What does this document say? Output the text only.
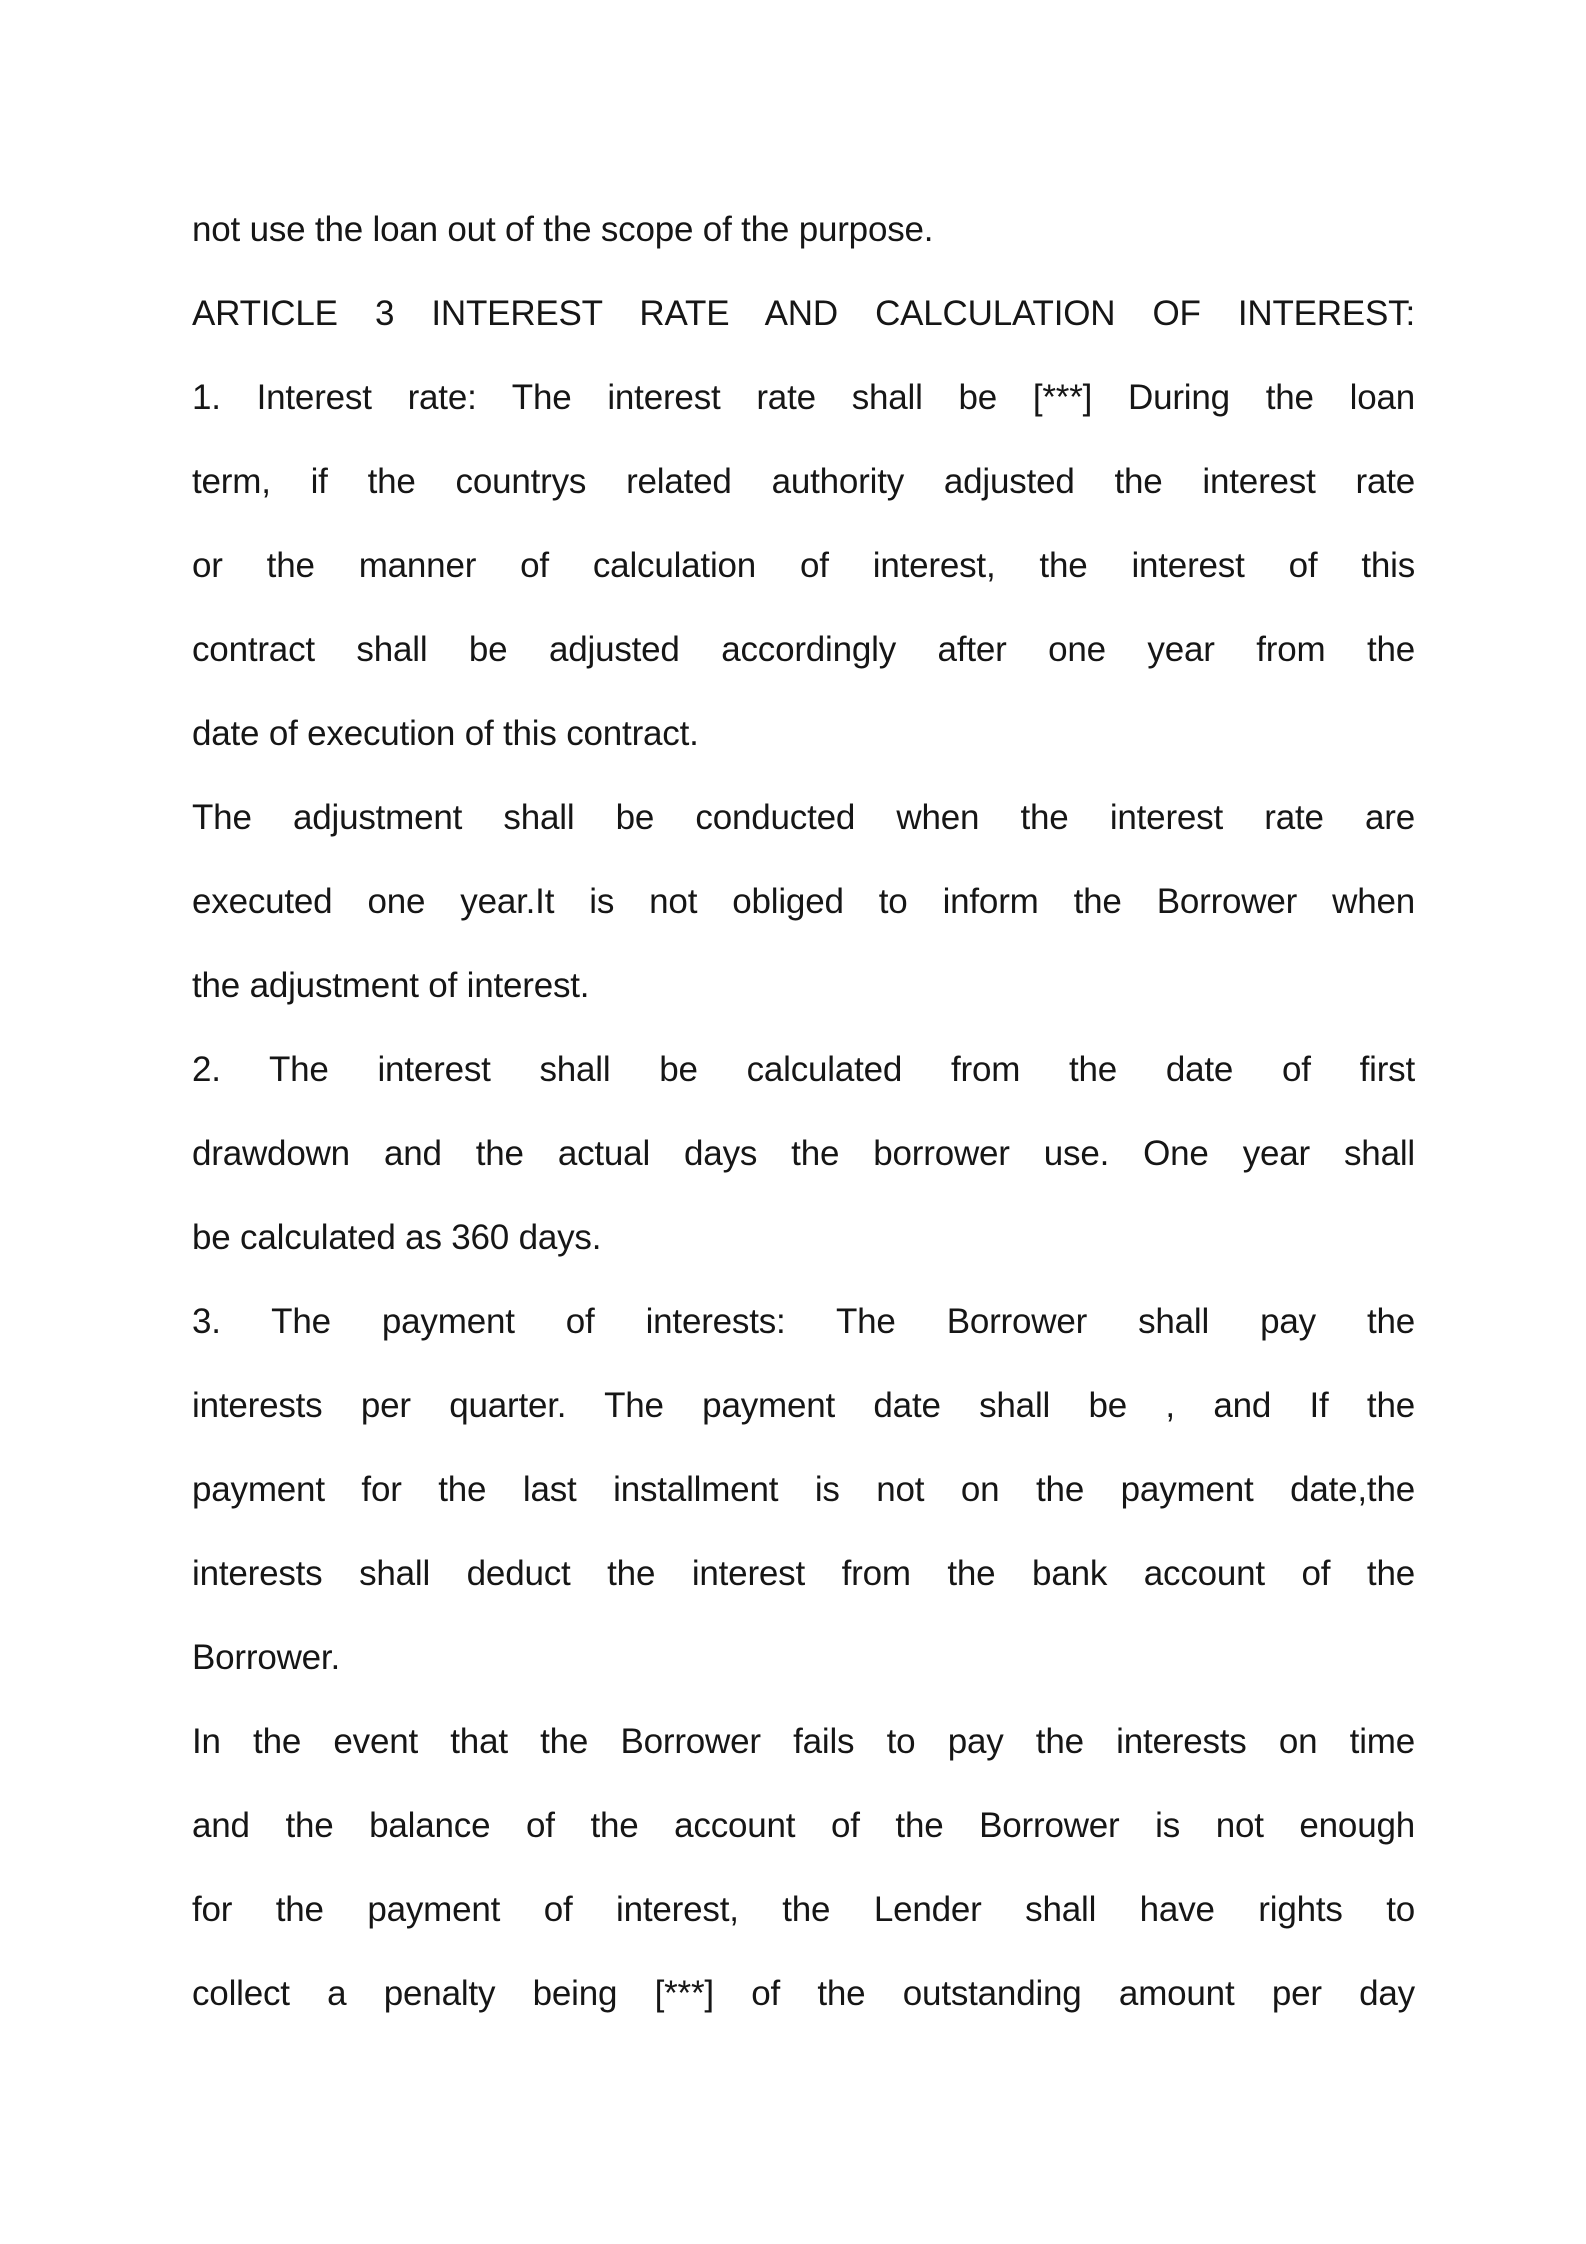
not use the loan out of the scope of the purpose.
ARTICLE 3 INTEREST RATE AND CALCULATION OF INTEREST:
1. Interest rate: The interest rate shall be [***] During the loan
term, if the countrys related authority adjusted the interest rate
or the manner of calculation of interest, the interest of this
contract shall be adjusted accordingly after one year from the
date of execution of this contract.
The adjustment shall be conducted when the interest rate are
executed one year.It is not obliged to inform the Borrower when
the adjustment of interest.
2. The interest shall be calculated from the date of first
drawdown and the actual days the borrower use. One year shall
be calculated as 360 days.
3. The payment of interests: The Borrower shall pay the
interests per quarter. The payment date shall be , and If the
payment for the last installment is not on the payment date,the
interests shall deduct the interest from the bank account of the
Borrower.
In the event that the Borrower fails to pay the interests on time
and the balance of the account of the Borrower is not enough
for the payment of interest, the Lender shall have rights to
collect a penalty being [***] of the outstanding amount per day
